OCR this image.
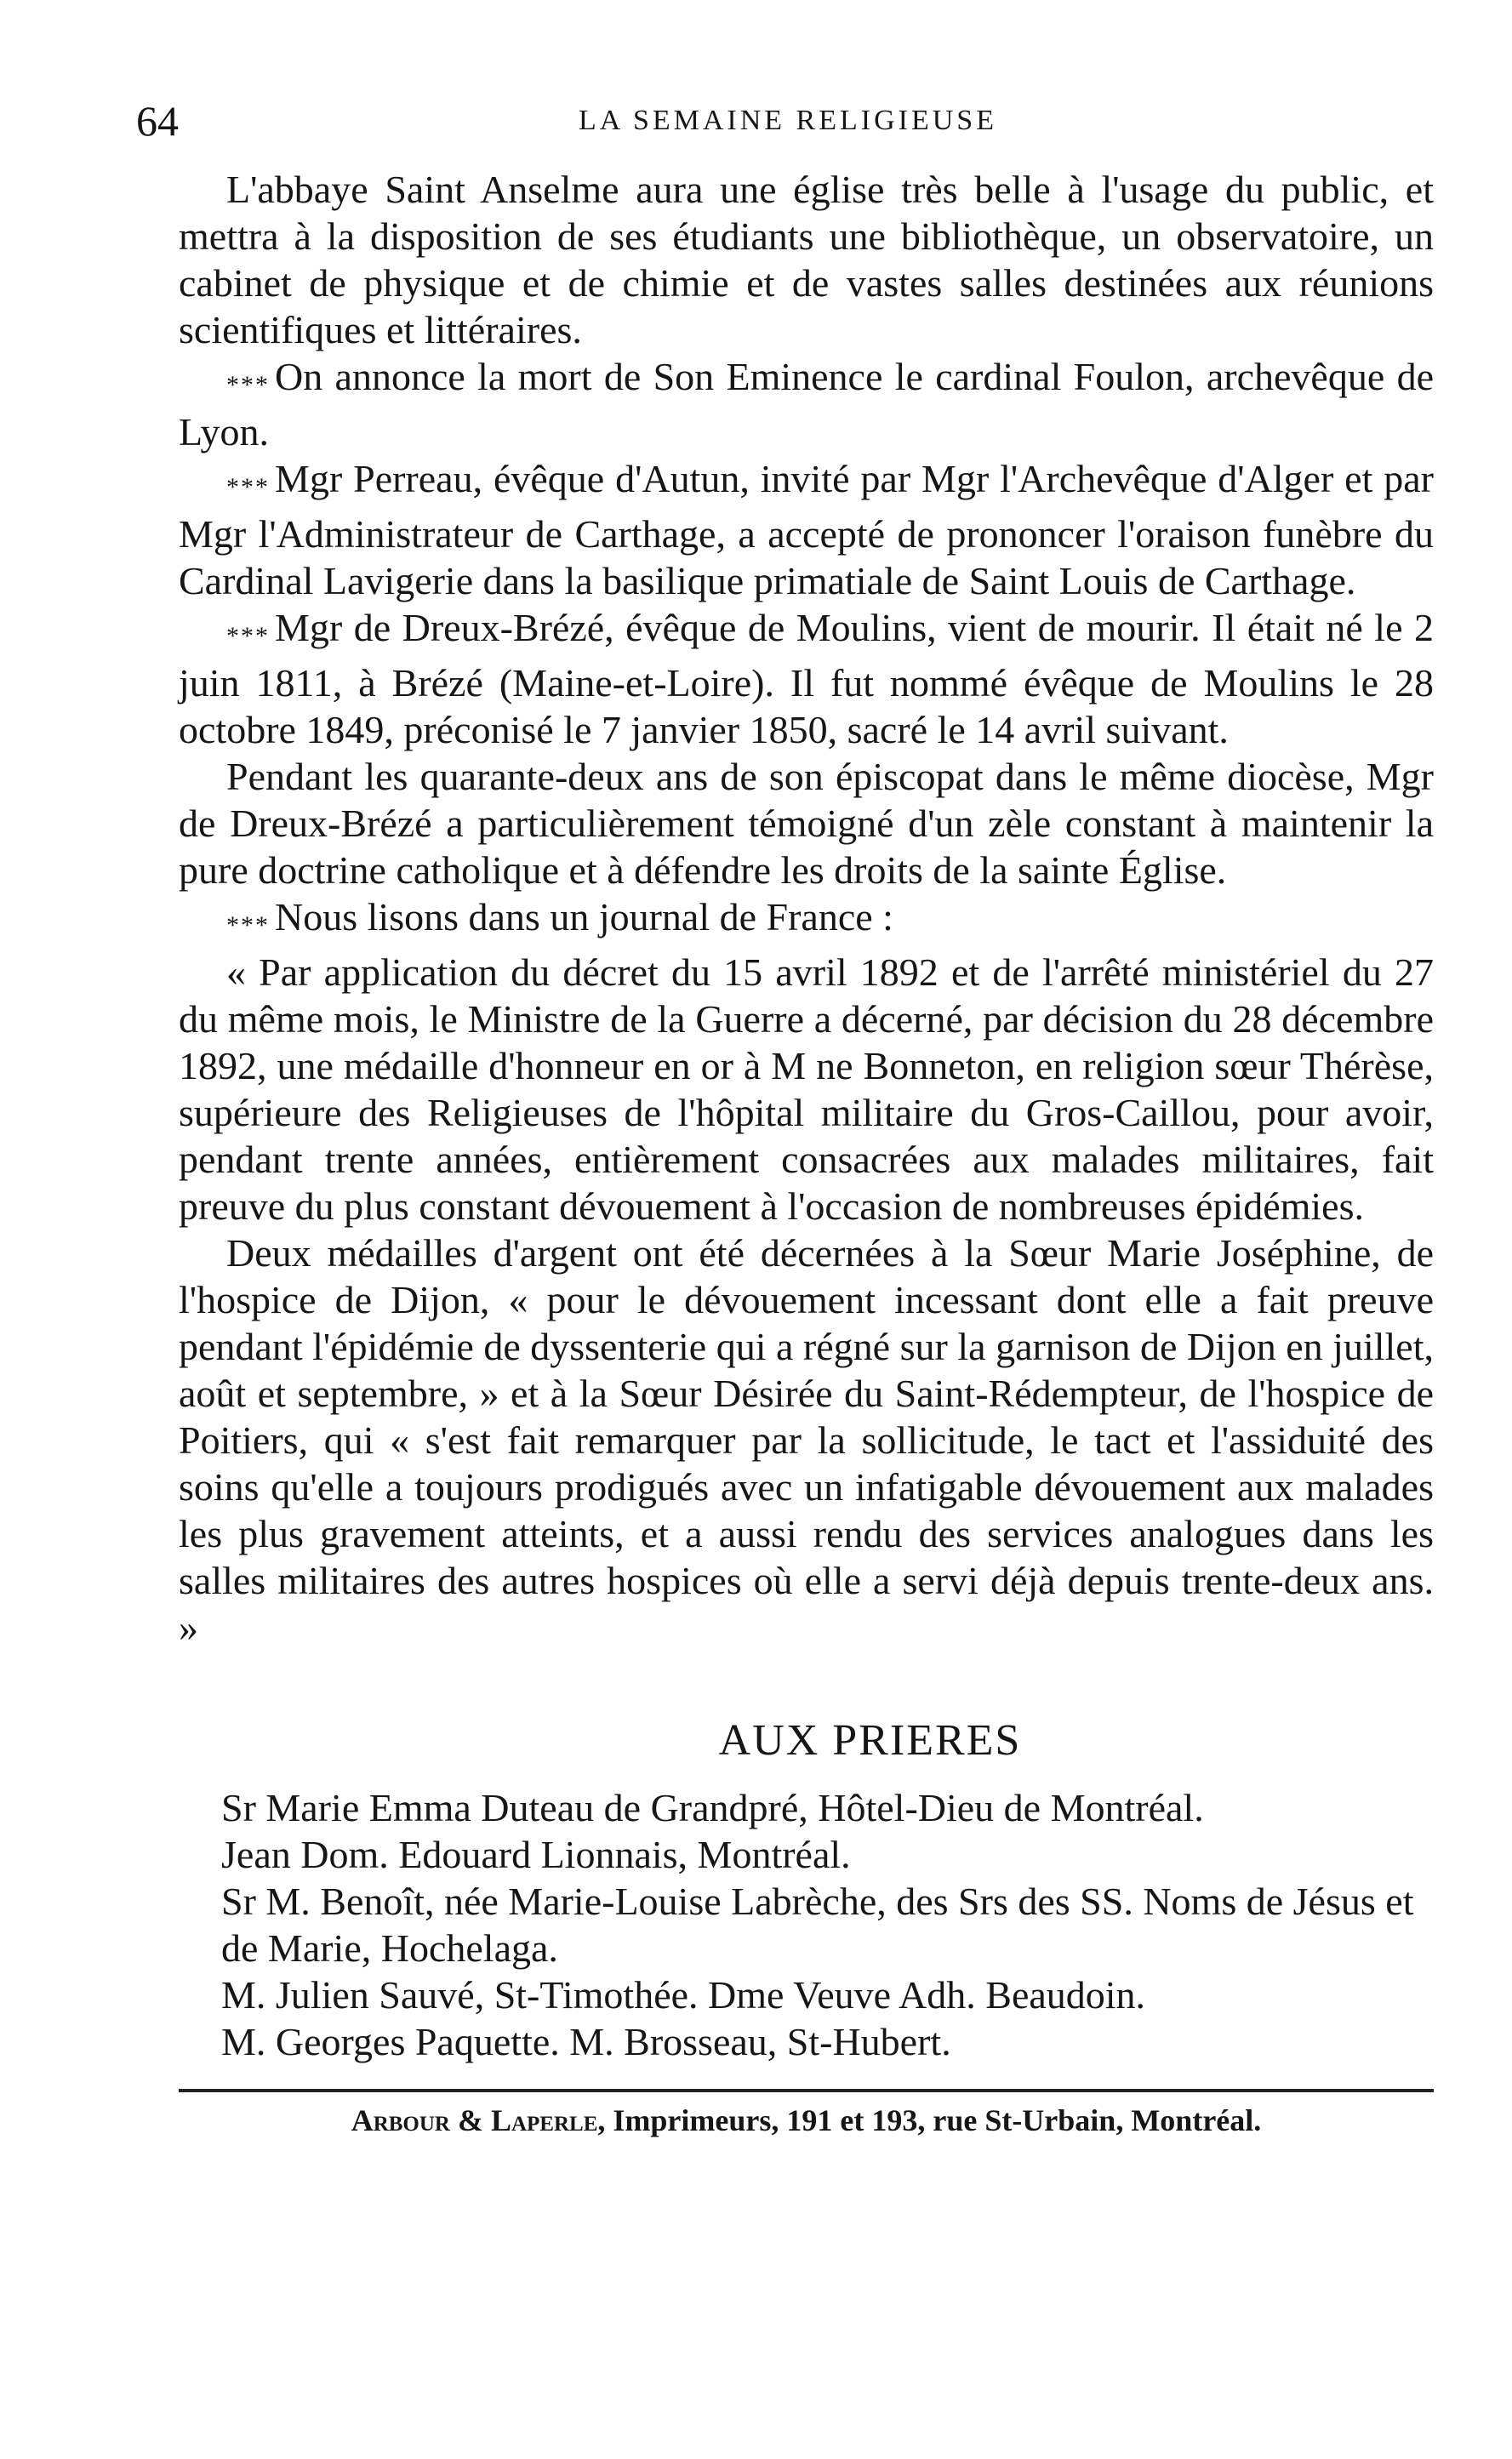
64	LA SEMAINE RELIGIEUSE

L'abbaye Saint Anselme aura une église très belle à l'usage du public, et mettra à la disposition de ses étudiants une bibliothèque, un observatoire, un cabinet de physique et de chimie et de vastes salles destinées aux réunions scientifiques et littéraires.

* * * On annonce la mort de Son Eminence le cardinal Foulon, archevêque de Lyon.

* * * Mgr Perreau, évêque d'Autun, invité par Mgr l'Archevêque d'Alger et par Mgr l'Administrateur de Carthage, a accepté de prononcer l'oraison funèbre du Cardinal Lavigerie dans la basilique primatiale de Saint Louis de Carthage.

* * * Mgr de Dreux-Brézé, évêque de Moulins, vient de mourir. Il était né le 2 juin 1811, à Brézé (Maine-et-Loire). Il fut nommé évêque de Moulins le 28 octobre 1849, préconisé le 7 janvier 1850, sacré le 14 avril suivant.

Pendant les quarante-deux ans de son épiscopat dans le même diocèse, Mgr de Dreux-Brézé a particulièrement témoigné d'un zèle constant à maintenir la pure doctrine catholique et à défendre les droits de la sainte Église.

* * * Nous lisons dans un journal de France :

« Par application du décret du 15 avril 1892 et de l'arrêté ministériel du 27 du même mois, le Ministre de la Guerre a décerné, par décision du 28 décembre 1892, une médaille d'honneur en or à M ne Bonneton, en religion sœur Thérèse, supérieure des Religieuses de l'hôpital militaire du Gros-Caillou, pour avoir, pendant trente années, entièrement consacrées aux malades militaires, fait preuve du plus constant dévouement à l'occasion de nombreuses épidémies.

Deux médailles d'argent ont été décernées à la Sœur Marie Joséphine, de l'hospice de Dijon, « pour le dévouement incessant dont elle a fait preuve pendant l'épidémie de dyssenterie qui a régné sur la garnison de Dijon en juillet, août et septembre, » et à la Sœur Désirée du Saint-Rédempteur, de l'hospice de Poitiers, qui « s'est fait remarquer par la sollicitude, le tact et l'assiduité des soins qu'elle a toujours prodigués avec un infatigable dévouement aux malades les plus gravement atteints, et a aussi rendu des services analogues dans les salles militaires des autres hospices où elle a servi déjà depuis trente-deux ans. »

AUX PRIERES

Sr Marie Emma Duteau de Grandpré, Hôtel-Dieu de Montréal.

Jean Dom. Edouard Lionnais, Montréal.

Sr M. Benoît, née Marie-Louise Labrèche, des Srs des SS. Noms de Jésus et de Marie, Hochelaga.

M. Julien Sauvé, St-Timothée. Dme Veuve Adh. Beaudoin.

M. Georges Paquette. M. Brosseau, St-Hubert.

Arbour & Laperle, Imprimeurs, 191 et 193, rue St-Urbain, Montréal.
